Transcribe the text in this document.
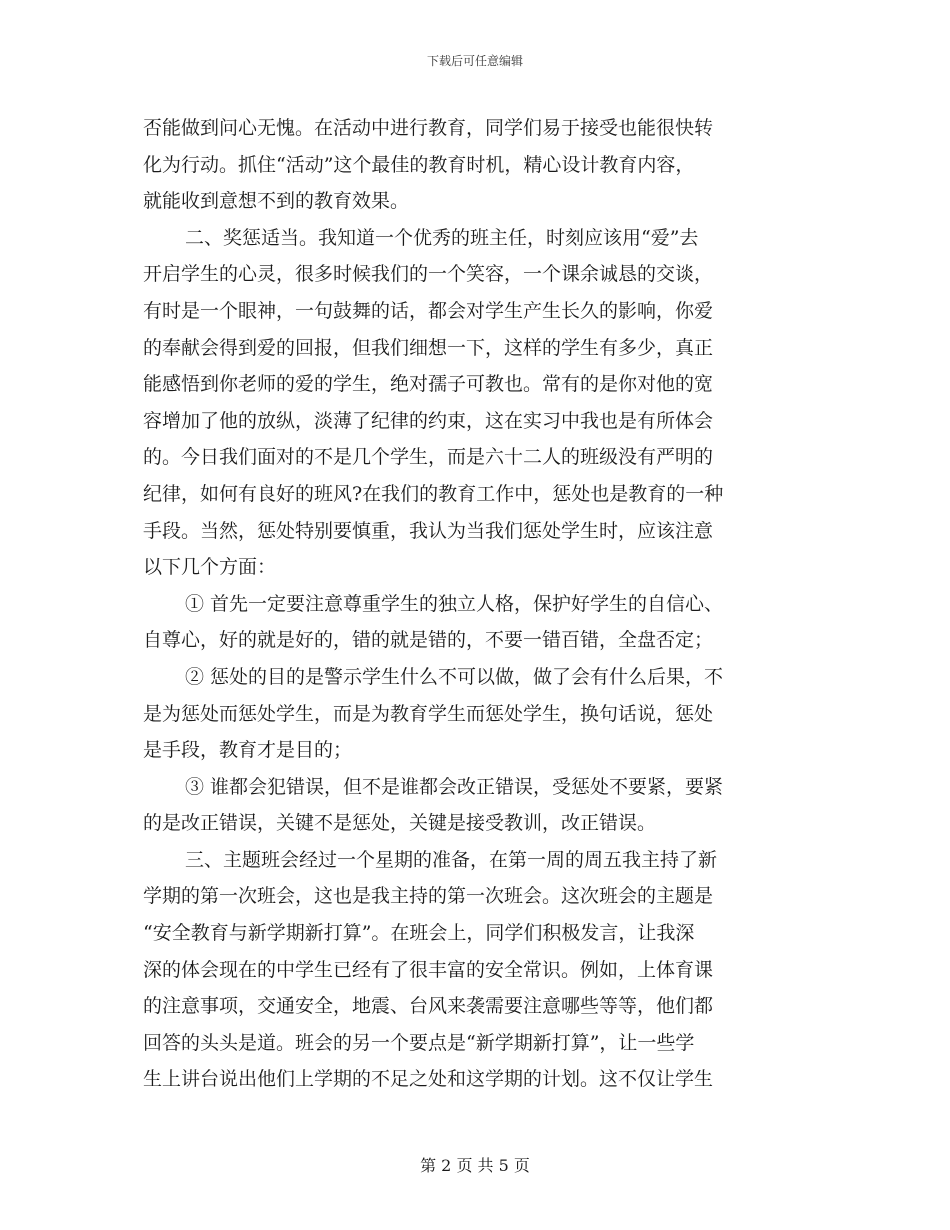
下载后可任意编辑
否能做到问心无愧。在活动中进行教育，同学们易于接受也能很快转
化为行动。抓住“活动”这个最佳的教育时机，精心设计教育内容，
就能收到意想不到的教育效果。
二、奖惩适当。我知道一个优秀的班主任，时刻应该用“爱”去
开启学生的心灵，很多时候我们的一个笑容，一个课余诚恳的交谈，
有时是一个眼神，一句鼓舞的话，都会对学生产生长久的影响，你爱
的奉献会得到爱的回报，但我们细想一下，这样的学生有多少，真正
能感悟到你老师的爱的学生，绝对孺子可教也。常有的是你对他的宽
容增加了他的放纵，淡薄了纪律的约束，这在实习中我也是有所体会
的。今日我们面对的不是几个学生，而是六十二人的班级没有严明的
纪律，如何有良好的班风?在我们的教育工作中，惩处也是教育的一种
手段。当然，惩处特别要慎重，我认为当我们惩处学生时，应该注意
以下几个方面：
① 首先一定要注意尊重学生的独立人格，保护好学生的自信心、
自尊心，好的就是好的，错的就是错的，不要一错百错，全盘否定；
② 惩处的目的是警示学生什么不可以做，做了会有什么后果，不
是为惩处而惩处学生，而是为教育学生而惩处学生，换句话说，惩处
是手段，教育才是目的；
③ 谁都会犯错误，但不是谁都会改正错误，受惩处不要紧，要紧
的是改正错误，关键不是惩处，关键是接受教训，改正错误。
三、主题班会经过一个星期的准备，在第一周的周五我主持了新
学期的第一次班会，这也是我主持的第一次班会。这次班会的主题是
“安全教育与新学期新打算”。在班会上，同学们积极发言，让我深
深的体会现在的中学生已经有了很丰富的安全常识。例如，上体育课
的注意事项，交通安全，地震、台风来袭需要注意哪些等等，他们都
回答的头头是道。班会的另一个要点是“新学期新打算”，让一些学
生上讲台说出他们上学期的不足之处和这学期的计划。这不仅让学生
第 2 页 共 5 页
